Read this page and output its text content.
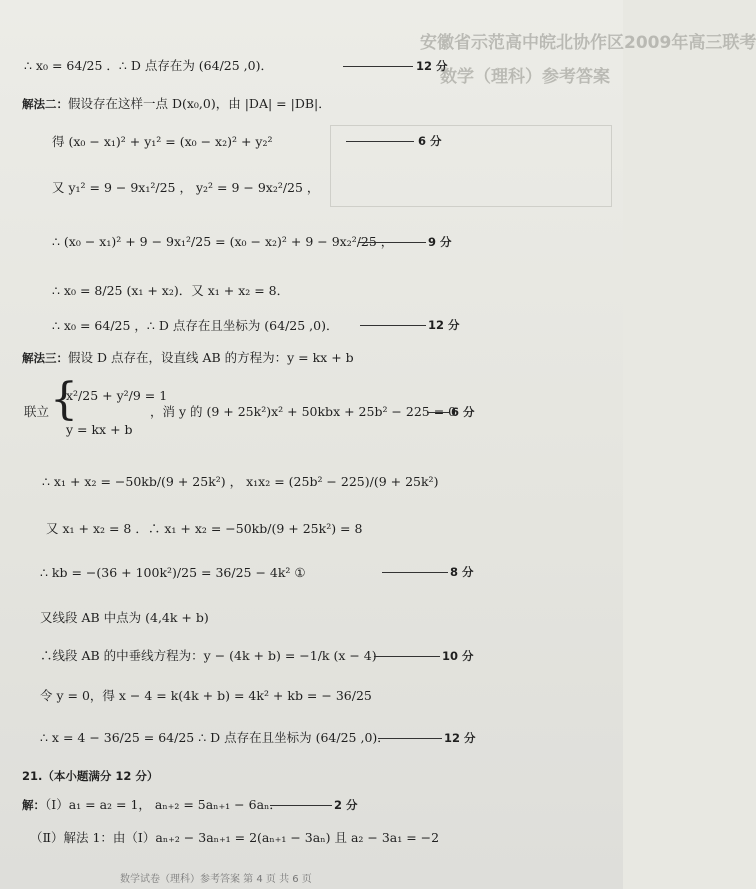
安徽省示范高中皖北协作区2009年高三联考
数学（理科）参考答案
数学试卷（理科）参考答案 第 4 页 共 6 页
∴ x₀ = 64/25 ．∴ D 点存在为 (64/25 ,0)．	12 分
解法二：假设存在这样一点 D(x₀,0)，由 |DA| = |DB|．
得 (x₀ − x₁)² + y₁² = (x₀ − x₂)² + y₂²	6 分
又 y₁² = 9 − 9x₁²/25 ， y₂² = 9 − 9x₂²/25 ，
∴ (x₀ − x₁)² + 9 − 9x₁²/25 = (x₀ − x₂)² + 9 − 9x₂²/25 ，	9 分
∴ x₀ = 8/25 (x₁ + x₂)．又 x₁ + x₂ = 8．
∴ x₀ = 64/25 ，∴ D 点存在且坐标为 (64/25 ,0)．	12 分
解法三：假设 D 点存在，设直线 AB 的方程为：y = kx + b
联立 {
x²/25 + y²/9 = 1
y = kx + b
，消 y 的 (9 + 25k²)x² + 50kbx + 25b² − 225 = 0
6 分
∴ x₁ + x₂ = −50kb/(9 + 25k²) ， x₁x₂ = (25b² − 225)/(9 + 25k²)
又 x₁ + x₂ = 8 ．∴ x₁ + x₂ = −50kb/(9 + 25k²) = 8
∴ kb = −(36 + 100k²)/25 = 36/25 − 4k² ①	8 分
又线段 AB 中点为 (4,4k + b)
∴线段 AB 的中垂线方程为：y − (4k + b) = −1/k (x − 4)	10 分
令 y = 0，得 x − 4 = k(4k + b) = 4k² + kb = − 36/25
∴ x = 4 − 36/25 = 64/25 ∴ D 点存在且坐标为 (64/25 ,0)．	12 分
21.（本小题满分 12 分）
解：（Ⅰ）a₁ = a₂ = 1， aₙ₊₂ = 5aₙ₊₁ − 6aₙ．	2 分
（Ⅱ）解法 1：由（Ⅰ）aₙ₊₂ − 3aₙ₊₁ = 2(aₙ₊₁ − 3aₙ) 且 a₂ − 3a₁ = −2
